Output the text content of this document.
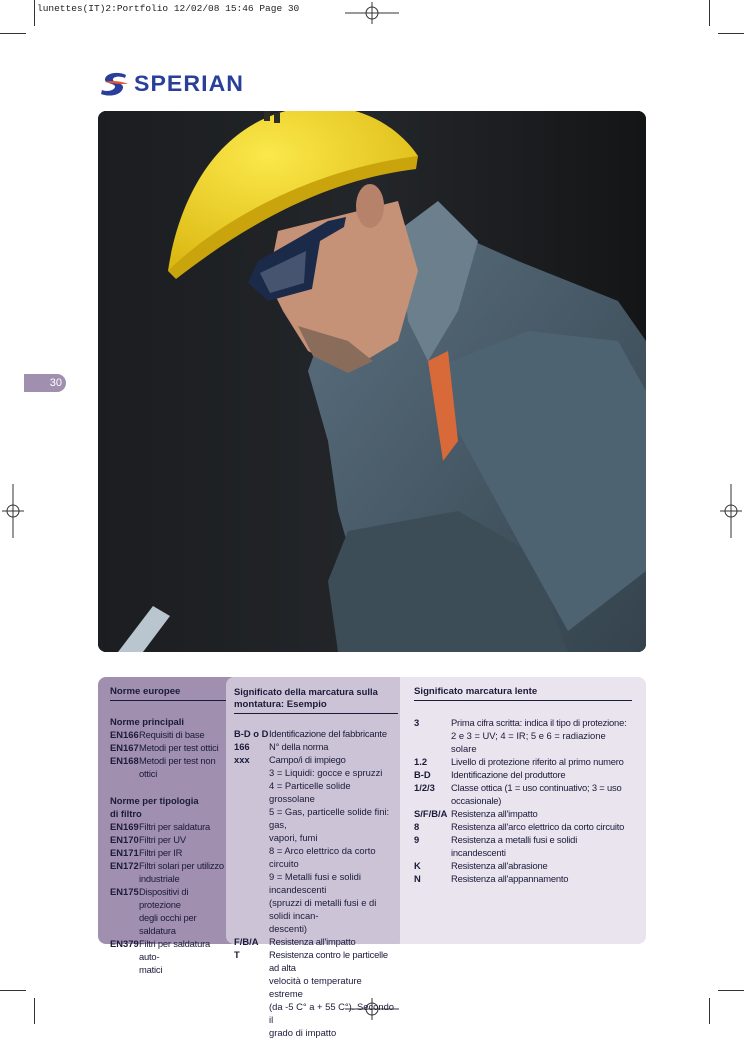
lunettes(IT)2:Portfolio 12/02/08 15:46 Page 30
SPERIAN
30
Norme europee
Norme principali
EN166 Requisiti di base
EN167 Metodi per test ottici
EN168 Metodi per test non ottici
Norme per tipologia
di filtro
EN169 Filtri per saldatura
EN170 Filtri per UV
EN171 Filtri per IR
EN172 Filtri solari per utilizzo
industriale
EN175 Dispositivi di protezione
degli occhi per saldatura
EN379 Filtri per saldatura auto-
matici
Significato della marcatura sulla
montatura: Esempio
B-D o D Identificazione del fabbricante
166	N° della norma
xxx	Campo/i di impiego
3 = Liquidi: gocce e spruzzi
4 = Particelle solide grossolane
5 = Gas, particelle solide fini: gas,
vapori, fumi
8 = Arco elettrico da corto circuito
9 = Metalli fusi e solidi incandescenti
(spruzzi di metalli fusi e di solidi incan-
descenti)
F/B/A	Resistenza all'impatto
T	Resistenza contro le particelle ad alta
velocità o temperature estreme
(da -5 C° a + 55 C°). Secondo il
grado di impatto
Significato marcatura lente
3	Prima cifra scritta: indica il tipo di protezione:
2 e 3 = UV; 4 = IR; 5 e 6 = radiazione solare
1.2	Livello di protezione riferito al primo numero
B-D	Identificazione del produttore
1/2/3	Classe ottica (1 = uso continuativo; 3 = uso occasionale)
S/F/B/A Resistenza all'impatto
8	Resistenza all'arco elettrico da corto circuito
9	Resistenza a metalli fusi e solidi incandescenti
K	Resistenza all'abrasione
N	Resistenza all'appannamento
